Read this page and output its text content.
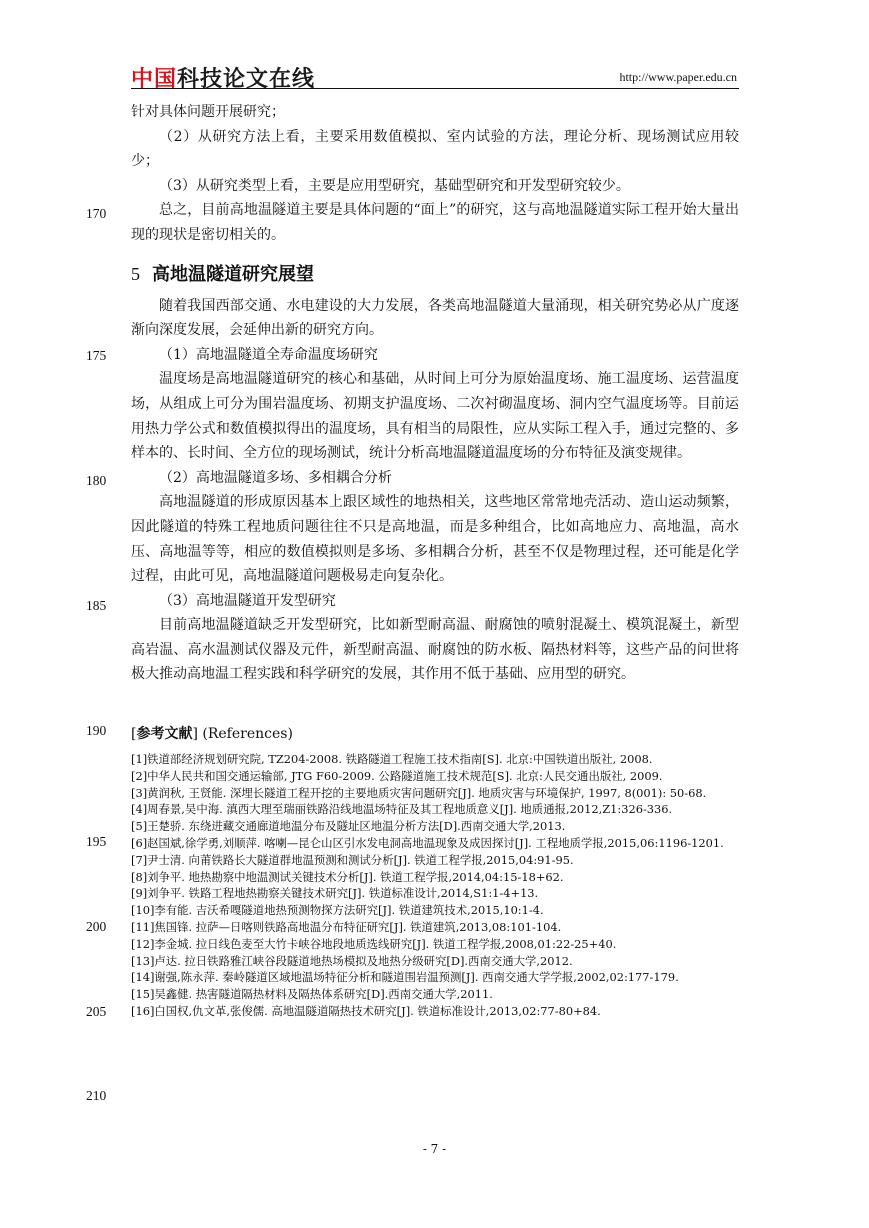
中国科技论文在线	http://www.paper.edu.cn
170
175
180
185
190
195
200
205
210

针对具体问题开展研究；

（2）从研究方法上看，主要采用数值模拟、室内试验的方法，理论分析、现场测试应用较少；

（3）从研究类型上看，主要是应用型研究，基础型研究和开发型研究较少。

总之，目前高地温隧道主要是具体问题的“面上”的研究，这与高地温隧道实际工程开始大量出现的现状是密切相关的。

5 高地温隧道研究展望

随着我国西部交通、水电建设的大力发展，各类高地温隧道大量涌现，相关研究势必从广度逐渐向深度发展，会延伸出新的研究方向。

（1）高地温隧道全寿命温度场研究

温度场是高地温隧道研究的核心和基础，从时间上可分为原始温度场、施工温度场、运营温度场，从组成上可分为围岩温度场、初期支护温度场、二次衬砌温度场、洞内空气温度场等。目前运用热力学公式和数值模拟得出的温度场，具有相当的局限性，应从实际工程入手，通过完整的、多样本的、长时间、全方位的现场测试，统计分析高地温隧道温度场的分布特征及演变规律。

（2）高地温隧道多场、多相耦合分析

高地温隧道的形成原因基本上跟区域性的地热相关，这些地区常常地壳活动、造山运动频繁，因此隧道的特殊工程地质问题往往不只是高地温，而是多种组合，比如高地应力、高地温，高水压、高地温等等，相应的数值模拟则是多场、多相耦合分析，甚至不仅是物理过程，还可能是化学过程，由此可见，高地温隧道问题极易走向复杂化。

（3）高地温隧道开发型研究

目前高地温隧道缺乏开发型研究，比如新型耐高温、耐腐蚀的喷射混凝土、模筑混凝土，新型高岩温、高水温测试仪器及元件，新型耐高温、耐腐蚀的防水板、隔热材料等，这些产品的问世将极大推动高地温工程实践和科学研究的发展，其作用不低于基础、应用型的研究。

[参考文献] (References)

[1]铁道部经济规划研究院, TZ204-2008. 铁路隧道工程施工技术指南[S]. 北京:中国铁道出版社, 2008.

[2]中华人民共和国交通运输部, JTG F60-2009. 公路隧道施工技术规范[S]. 北京:人民交通出版社, 2009.

[3]黄润秋, 王贤能. 深埋长隧道工程开挖的主要地质灾害问题研究[J]. 地质灾害与环境保护, 1997, 8(001): 50-68.

[4]周春景,吴中海. 滇西大理至瑞丽铁路沿线地温场特征及其工程地质意义[J]. 地质通报,2012,Z1:326-336.

[5]王楚骄. 东绕进藏交通廊道地温分布及隧址区地温分析方法[D].西南交通大学,2013.

[6]赵国斌,徐学勇,刘顺萍. 喀喇—昆仑山区引水发电洞高地温现象及成因探讨[J]. 工程地质学报,2015,06:1196-1201.

[7]尹士清. 向莆铁路长大隧道群地温预测和测试分析[J]. 铁道工程学报,2015,04:91-95.

[8]刘争平. 地热勘察中地温测试关键技术分析[J]. 铁道工程学报,2014,04:15-18+62.

[9]刘争平. 铁路工程地热勘察关键技术研究[J]. 铁道标准设计,2014,S1:1-4+13.

[10]李有能. 吉沃希嘎隧道地热预测物探方法研究[J]. 铁道建筑技术,2015,10:1-4.

[11]焦国锋. 拉萨—日喀则铁路高地温分布特征研究[J]. 铁道建筑,2013,08:101-104.

[12]李金城. 拉日线色麦至大竹卡峡谷地段地质选线研究[J]. 铁道工程学报,2008,01:22-25+40.

[13]卢达. 拉日铁路雅江峡谷段隧道地热场模拟及地热分级研究[D].西南交通大学,2012.

[14]谢强,陈永萍. 秦岭隧道区域地温场特征分析和隧道围岩温预测[J]. 西南交通大学学报,2002,02:177-179.

[15]吴鑫健. 热害隧道隔热材料及隔热体系研究[D].西南交通大学,2011.

[16]白国权,仇文革,张俊儒. 高地温隧道隔热技术研究[J]. 铁道标准设计,2013,02:77-80+84.

- 7 -
